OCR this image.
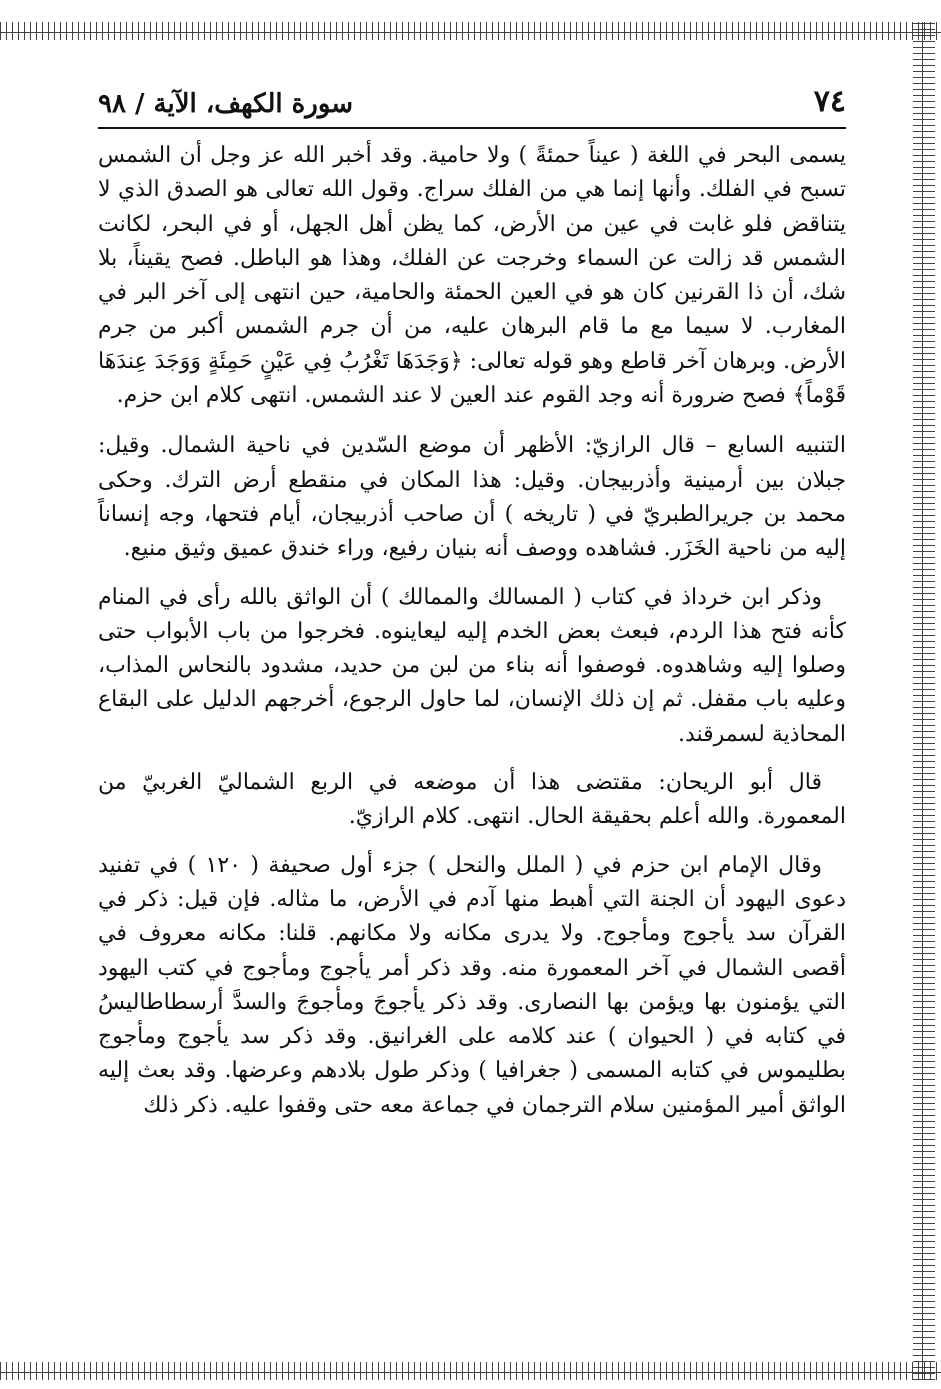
٧٤
سورة الكهف، الآية / ٩٨

يسمى البحر في اللغة ( عيناً حمئةً ) ولا حامية. وقد أخبر الله عز وجل أن الشمس تسبح في الفلك. وأنها إنما هي من الفلك سراج. وقول الله تعالى هو الصدق الذي لا يتناقض فلو غابت في عين من الأرض، كما يظن أهل الجهل، أو في البحر، لكانت الشمس قد زالت عن السماء وخرجت عن الفلك، وهذا هو الباطل. فصح يقيناً، بلا شك، أن ذا القرنين كان هو في العين الحمئة والحامية، حين انتهى إلى آخر البر في المغارب. لا سيما مع ما قام البرهان عليه، من أن جرم الشمس أكبر من جرم الأرض. وبرهان آخر قاطع وهو قوله تعالى: ﴿وَجَدَهَا تَغْرُبُ فِي عَيْنٍ حَمِئَةٍ وَوَجَدَ عِندَهَا قَوْماً﴾ فصح ضرورة أنه وجد القوم عند العين لا عند الشمس. انتهى كلام ابن حزم.

التنبيه السابع – قال الرازيّ: الأظهر أن موضع السّدين في ناحية الشمال. وقيل: جبلان بين أرمينية وأذربيجان. وقيل: هذا المكان في منقطع أرض الترك. وحكى محمد بن جريرالطبريّ في ( تاريخه ) أن صاحب أذربيجان، أيام فتحها، وجه إنساناً إليه من ناحية الخَزَر. فشاهده ووصف أنه بنيان رفيع، وراء خندق عميق وثيق منيع.

وذكر ابن خرداذ في كتاب ( المسالك والممالك ) أن الواثق بالله رأى في المنام كأنه فتح هذا الردم، فبعث بعض الخدم إليه ليعاينوه. فخرجوا من باب الأبواب حتى وصلوا إليه وشاهدوه. فوصفوا أنه بناء من لبن من حديد، مشدود بالنحاس المذاب، وعليه باب مقفل. ثم إن ذلك الإنسان، لما حاول الرجوع، أخرجهم الدليل على البقاع المحاذية لسمرقند.

قال أبو الريحان: مقتضى هذا أن موضعه في الربع الشماليّ الغربيّ من المعمورة. والله أعلم بحقيقة الحال. انتهى. كلام الرازيّ.

وقال الإمام ابن حزم في ( الملل والنحل ) جزء أول صحيفة ( ١٢٠ ) في تفنيد دعوى اليهود أن الجنة التي أهبط منها آدم في الأرض، ما مثاله. فإن قيل: ذكر في القرآن سد يأجوج ومأجوج. ولا يدرى مكانه ولا مكانهم. قلنا: مكانه معروف في أقصى الشمال في آخر المعمورة منه. وقد ذكر أمر يأجوج ومأجوج في كتب اليهود التي يؤمنون بها ويؤمن بها النصارى. وقد ذكر يأجوجَ ومأجوجَ والسدَّ أرسطاطاليسُ في كتابه في ( الحيوان ) عند كلامه على الغرانيق. وقد ذكر سد يأجوج ومأجوج بطليموس في كتابه المسمى ( جغرافيا ) وذكر طول بلادهم وعرضها. وقد بعث إليه الواثق أمير المؤمنين سلام الترجمان في جماعة معه حتى وقفوا عليه. ذكر ذلك
